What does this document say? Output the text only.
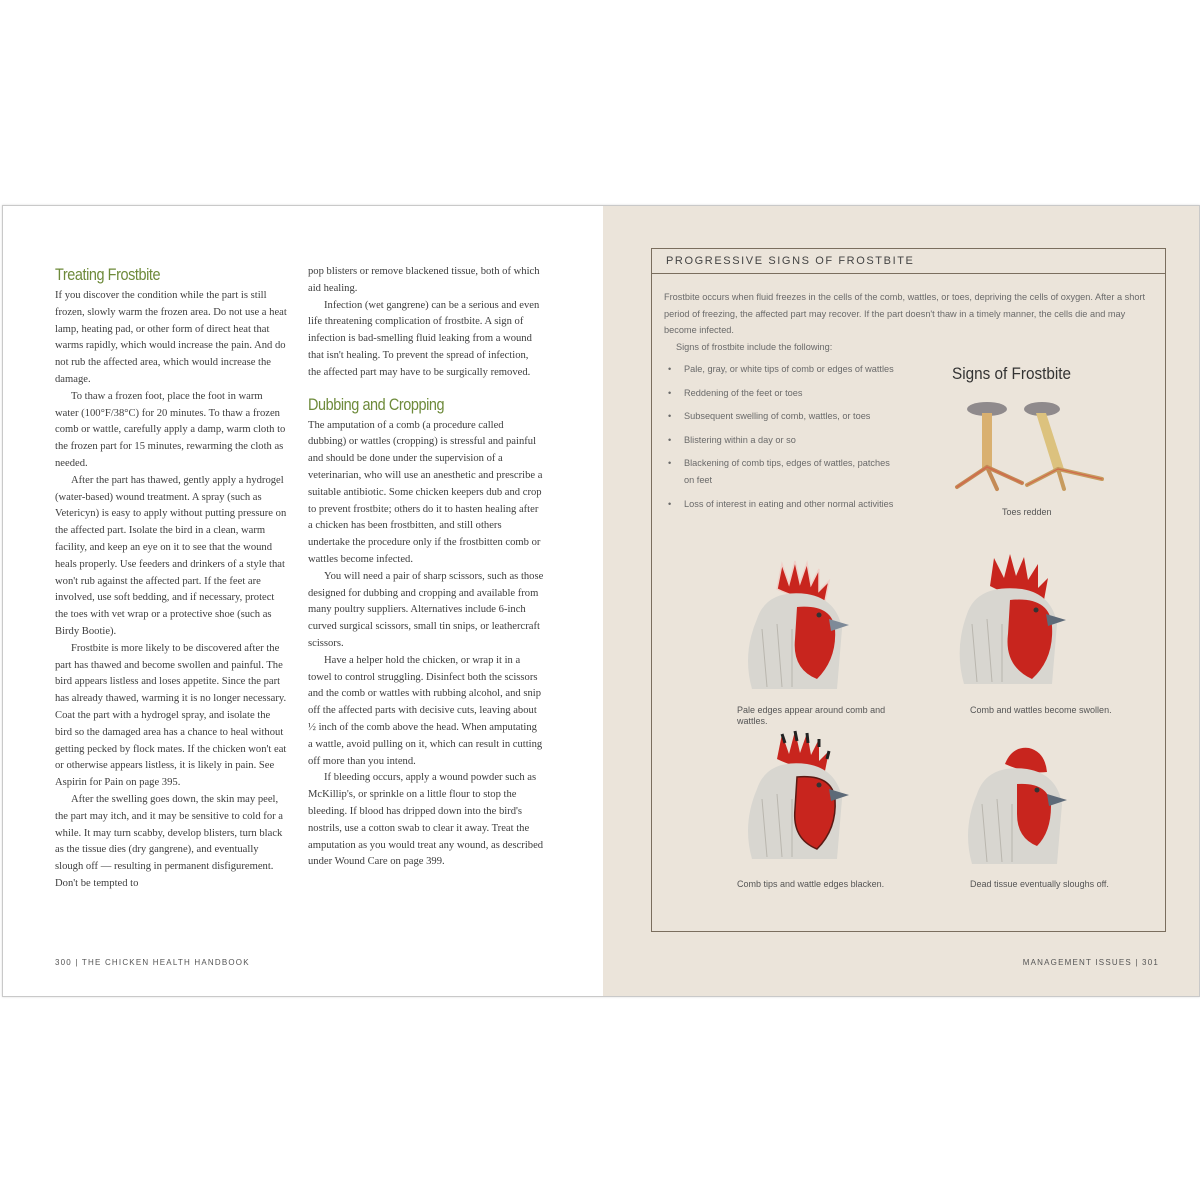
Treating Frostbite

If you discover the condition while the part is still frozen, slowly warm the frozen area. Do not use a heat lamp, heating pad, or other form of direct heat that warms rapidly, which would increase the pain. And do not rub the affected area, which would increase the damage.

To thaw a frozen foot, place the foot in warm water (100°F/38°C) for 20 minutes. To thaw a frozen comb or wattle, carefully apply a damp, warm cloth to the frozen part for 15 minutes, rewarming the cloth as needed.

After the part has thawed, gently apply a hydrogel (water-based) wound treatment. A spray (such as Vetericyn) is easy to apply without putting pressure on the affected part. Isolate the bird in a clean, warm facility, and keep an eye on it to see that the wound heals properly. Use feeders and drinkers of a style that won't rub against the affected part. If the feet are involved, use soft bedding, and if necessary, protect the toes with vet wrap or a protective shoe (such as Birdy Bootie).

Frostbite is more likely to be discovered after the part has thawed and become swollen and painful. The bird appears listless and loses appetite. Since the part has already thawed, warming it is no longer necessary. Coat the part with a hydrogel spray, and isolate the bird so the damaged area has a chance to heal without getting pecked by flock mates. If the chicken won't eat or otherwise appears listless, it is likely in pain. See Aspirin for Pain on page 395.

After the swelling goes down, the skin may peel, the part may itch, and it may be sensitive to cold for a while. It may turn scabby, develop blisters, turn black as the tissue dies (dry gangrene), and eventually slough off — resulting in permanent disfigurement. Don't be tempted to

pop blisters or remove blackened tissue, both of which aid healing.

Infection (wet gangrene) can be a serious and even life threatening complication of frostbite. A sign of infection is bad-smelling fluid leaking from a wound that isn't healing. To prevent the spread of infection, the affected part may have to be surgically removed.

Dubbing and Cropping

The amputation of a comb (a procedure called dubbing) or wattles (cropping) is stressful and painful and should be done under the supervision of a veterinarian, who will use an anesthetic and prescribe a suitable antibiotic. Some chicken keepers dub and crop to prevent frostbite; others do it to hasten healing after a chicken has been frostbitten, and still others undertake the procedure only if the frostbitten comb or wattles become infected.

You will need a pair of sharp scissors, such as those designed for dubbing and cropping and available from many poultry suppliers. Alternatives include 6-inch curved surgical scissors, small tin snips, or leathercraft scissors.

Have a helper hold the chicken, or wrap it in a towel to control struggling. Disinfect both the scissors and the comb or wattles with rubbing alcohol, and snip off the affected parts with decisive cuts, leaving about ½ inch of the comb above the head. When amputating a wattle, avoid pulling on it, which can result in cutting off more than you intend.

If bleeding occurs, apply a wound powder such as McKillip's, or sprinkle on a little flour to stop the bleeding. If blood has dripped down into the bird's nostrils, use a cotton swab to clear it away. Treat the amputation as you would treat any wound, as described under Wound Care on page 399.

300 | THE CHICKEN HEALTH HANDBOOK
PROGRESSIVE SIGNS OF FROSTBITE

Frostbite occurs when fluid freezes in the cells of the comb, wattles, or toes, depriving the cells of oxygen. After a short period of freezing, the affected part may recover. If the part doesn't thaw in a timely manner, the cells die and may become infected.

Signs of frostbite include the following:

• Pale, gray, or white tips of comb or edges of wattles
• Reddening of the feet or toes
• Subsequent swelling of comb, wattles, or toes
• Blistering within a day or so
• Blackening of comb tips, edges of wattles, patches on feet
• Loss of interest in eating and other normal activities
Signs of Frostbite
Toes redden
Pale edges appear around comb and wattles.
Comb and wattles become swollen.
Comb tips and wattle edges blacken.	Dead tissue eventually sloughs off.
MANAGEMENT ISSUES | 301
